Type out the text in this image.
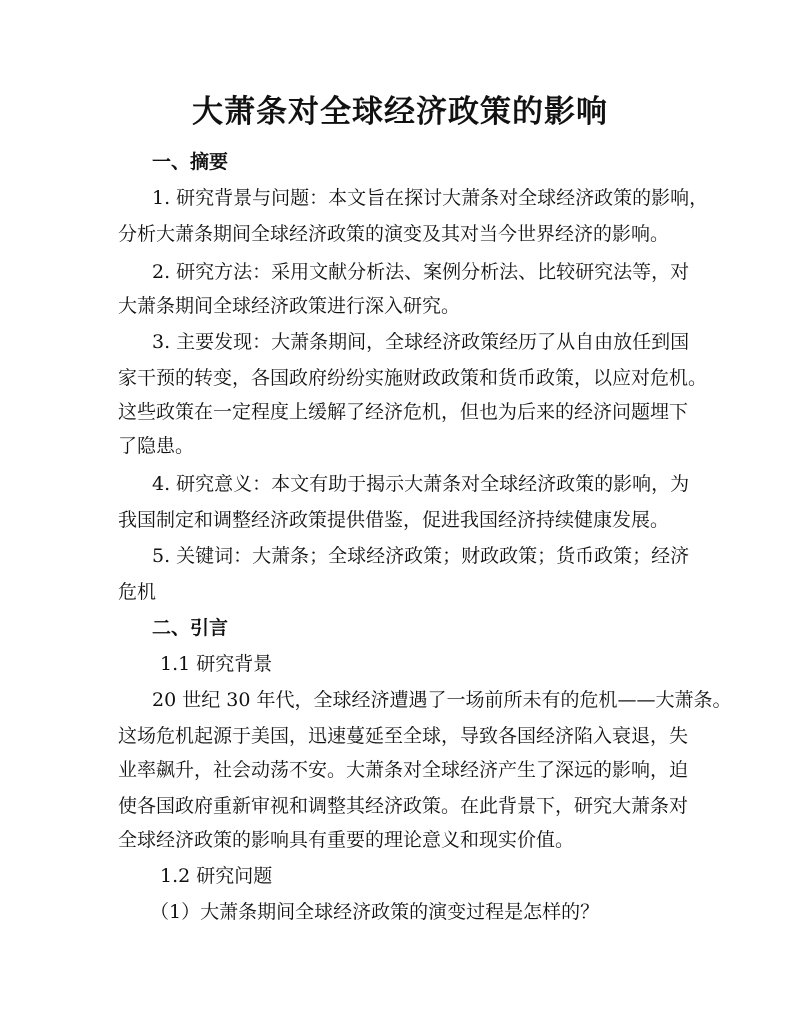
大萧条对全球经济政策的影响

一、摘要

1. 研究背景与问题：本文旨在探讨大萧条对全球经济政策的影响，

分析大萧条期间全球经济政策的演变及其对当今世界经济的影响。

2. 研究方法：采用文献分析法、案例分析法、比较研究法等，对

大萧条期间全球经济政策进行深入研究。

3. 主要发现：大萧条期间，全球经济政策经历了从自由放任到国

家干预的转变，各国政府纷纷实施财政政策和货币政策，以应对危机。

这些政策在一定程度上缓解了经济危机，但也为后来的经济问题埋下

了隐患。

4. 研究意义：本文有助于揭示大萧条对全球经济政策的影响，为

我国制定和调整经济政策提供借鉴，促进我国经济持续健康发展。

5. 关键词：大萧条；全球经济政策；财政政策；货币政策；经济

危机

二、引言

1.1 研究背景

20 世纪 30 年代，全球经济遭遇了一场前所未有的危机——大萧条。

这场危机起源于美国，迅速蔓延至全球，导致各国经济陷入衰退，失

业率飙升，社会动荡不安。大萧条对全球经济产生了深远的影响，迫

使各国政府重新审视和调整其经济政策。在此背景下，研究大萧条对

全球经济政策的影响具有重要的理论意义和现实价值。

1.2 研究问题

（1）大萧条期间全球经济政策的演变过程是怎样的？
